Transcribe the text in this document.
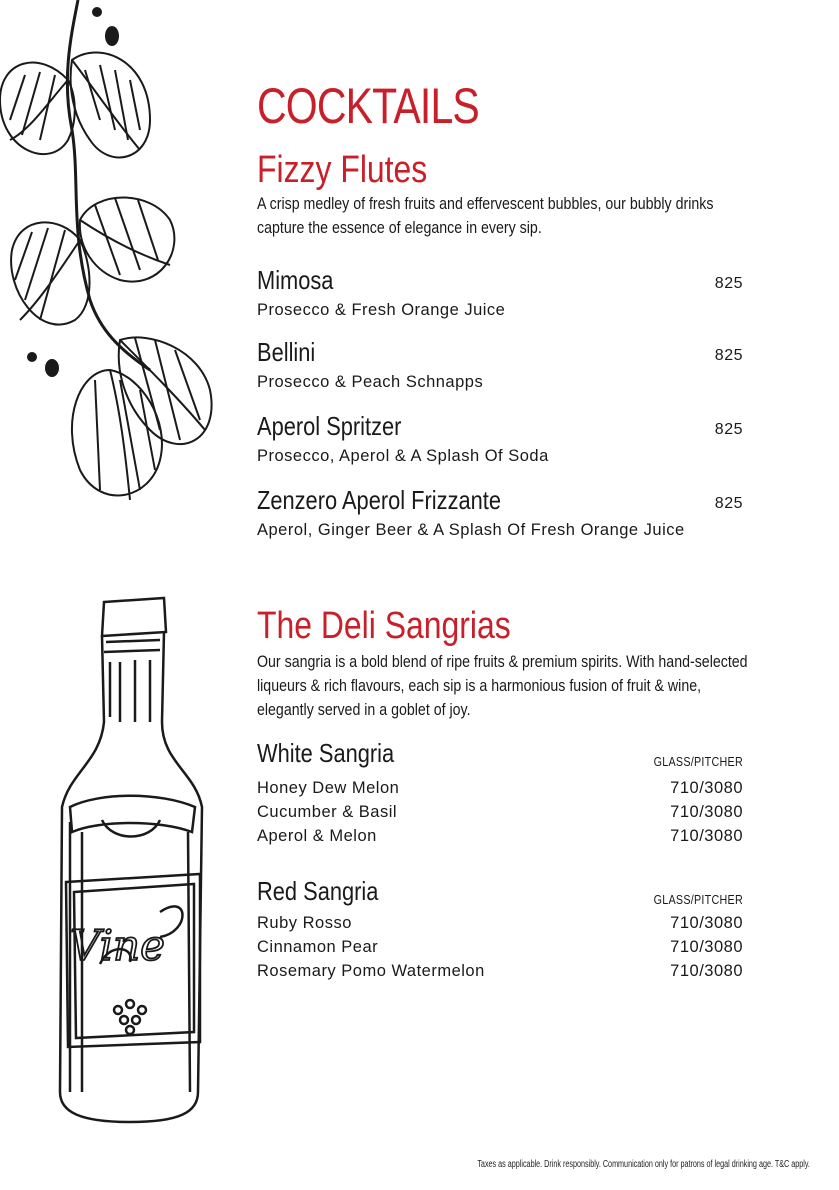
Vine
COCKTAILS
Fizzy Flutes
A crisp medley of fresh fruits and effervescent bubbles, our bubbly drinks
capture the essence of elegance in every sip.
Mimosa	825
Prosecco & Fresh Orange Juice
Bellini	825
Prosecco & Peach Schnapps
Aperol Spritzer	825
Prosecco, Aperol & A Splash Of Soda
Zenzero Aperol Frizzante	825
Aperol, Ginger Beer & A Splash Of Fresh Orange Juice
The Deli Sangrias
Our sangria is a bold blend of ripe fruits & premium spirits. With hand-selected
liqueurs & rich flavours, each sip is a harmonious fusion of fruit & wine,
elegantly served in a goblet of joy.
White Sangria	GLASS/PITCHER
Honey Dew Melon	710/3080
Cucumber & Basil	710/3080
Aperol & Melon	710/3080
Red Sangria	GLASS/PITCHER
Ruby Rosso	710/3080
Cinnamon Pear	710/3080
Rosemary Pomo Watermelon	710/3080
Taxes as applicable. Drink responsibly. Communication only for patrons of legal drinking age. T&C apply.
